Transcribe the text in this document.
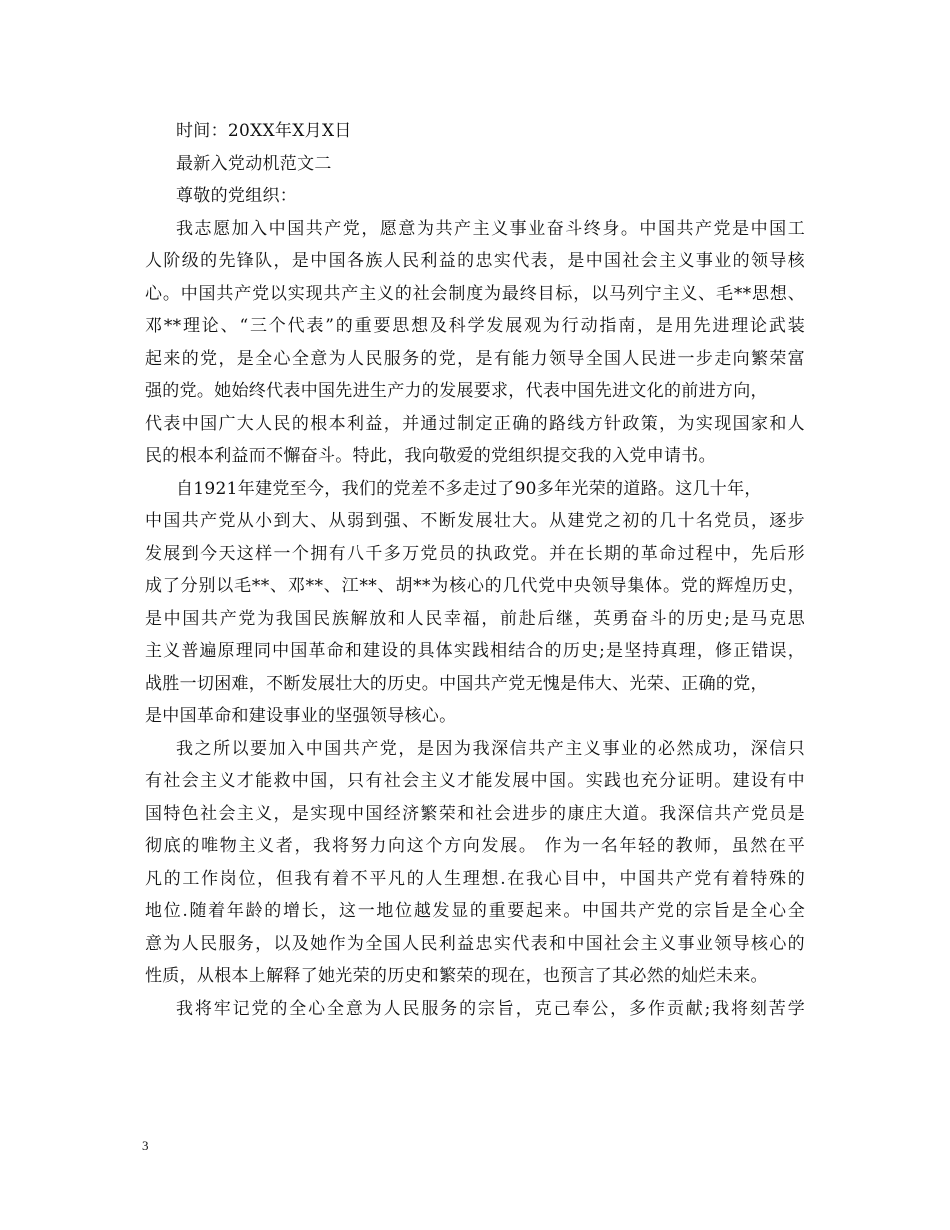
时间：20XX年X月X日
最新入党动机范文二
尊敬的党组织：
我志愿加入中国共产党，愿意为共产主义事业奋斗终身。中国共产党是中国工
人阶级的先锋队，是中国各族人民利益的忠实代表，是中国社会主义事业的领导核
心。中国共产党以实现共产主义的社会制度为最终目标，以马列宁主义、毛**思想、
邓**理论、“三个代表”的重要思想及科学发展观为行动指南，是用先进理论武装
起来的党，是全心全意为人民服务的党，是有能力领导全国人民进一步走向繁荣富
强的党。她始终代表中国先进生产力的发展要求，代表中国先进文化的前进方向，
代表中国广大人民的根本利益，并通过制定正确的路线方针政策，为实现国家和人
民的根本利益而不懈奋斗。特此，我向敬爱的党组织提交我的入党申请书。
自1921年建党至今，我们的党差不多走过了90多年光荣的道路。这几十年，
中国共产党从小到大、从弱到强、不断发展壮大。从建党之初的几十名党员，逐步
发展到今天这样一个拥有八千多万党员的执政党。并在长期的革命过程中，先后形
成了分别以毛**、邓**、江**、胡**为核心的几代党中央领导集体。党的辉煌历史，
是中国共产党为我国民族解放和人民幸福，前赴后继，英勇奋斗的历史;是马克思
主义普遍原理同中国革命和建设的具体实践相结合的历史;是坚持真理，修正错误，
战胜一切困难，不断发展壮大的历史。中国共产党无愧是伟大、光荣、正确的党，
是中国革命和建设事业的坚强领导核心。
我之所以要加入中国共产党，是因为我深信共产主义事业的必然成功，深信只
有社会主义才能救中国，只有社会主义才能发展中国。实践也充分证明。建设有中
国特色社会主义，是实现中国经济繁荣和社会进步的康庄大道。我深信共产党员是
彻底的唯物主义者，我将努力向这个方向发展。 作为一名年轻的教师，虽然在平
凡的工作岗位，但我有着不平凡的人生理想.在我心目中，中国共产党有着特殊的
地位.随着年龄的增长，这一地位越发显的重要起来。中国共产党的宗旨是全心全
意为人民服务，以及她作为全国人民利益忠实代表和中国社会主义事业领导核心的
性质，从根本上解释了她光荣的历史和繁荣的现在，也预言了其必然的灿烂未来。
我将牢记党的全心全意为人民服务的宗旨，克己奉公，多作贡献;我将刻苦学
3
